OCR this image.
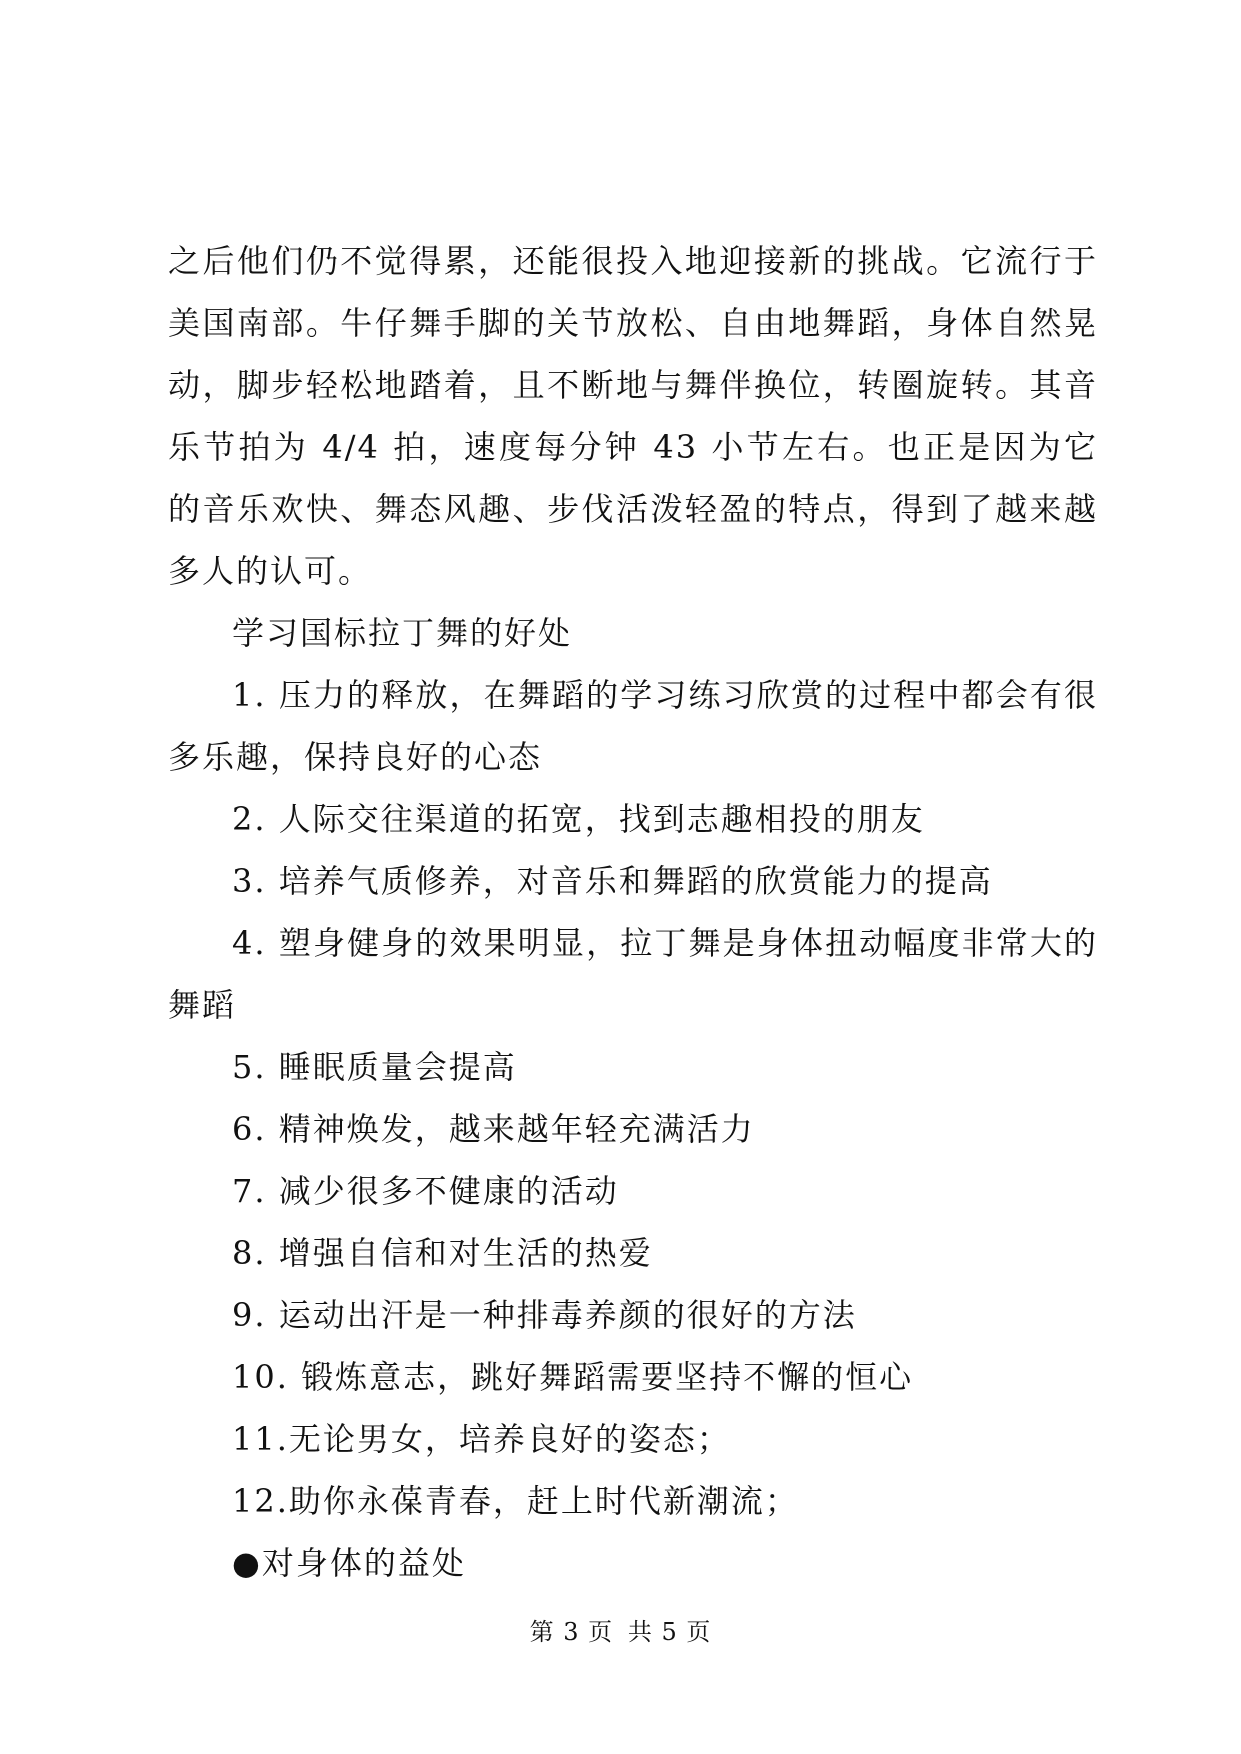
之后他们仍不觉得累，还能很投入地迎接新的挑战。它流行于美国南部。牛仔舞手脚的关节放松、自由地舞蹈，身体自然晃动，脚步轻松地踏着，且不断地与舞伴换位，转圈旋转。其音乐节拍为 4/4 拍，速度每分钟 43 小节左右。也正是因为它的音乐欢快、舞态风趣、步伐活泼轻盈的特点，得到了越来越多人的认可。

学习国标拉丁舞的好处

1. 压力的释放，在舞蹈的学习练习欣赏的过程中都会有很多乐趣，保持良好的心态

2. 人际交往渠道的拓宽，找到志趣相投的朋友

3. 培养气质修养，对音乐和舞蹈的欣赏能力的提高

4. 塑身健身的效果明显，拉丁舞是身体扭动幅度非常大的舞蹈

5. 睡眠质量会提高

6. 精神焕发，越来越年轻充满活力

7. 减少很多不健康的活动

8. 增强自信和对生活的热爱

9. 运动出汗是一种排毒养颜的很好的方法

10. 锻炼意志，跳好舞蹈需要坚持不懈的恒心

11.无论男女，培养良好的姿态；

12.助你永葆青春，赶上时代新潮流；

●对身体的益处

第 3 页 共 5 页
